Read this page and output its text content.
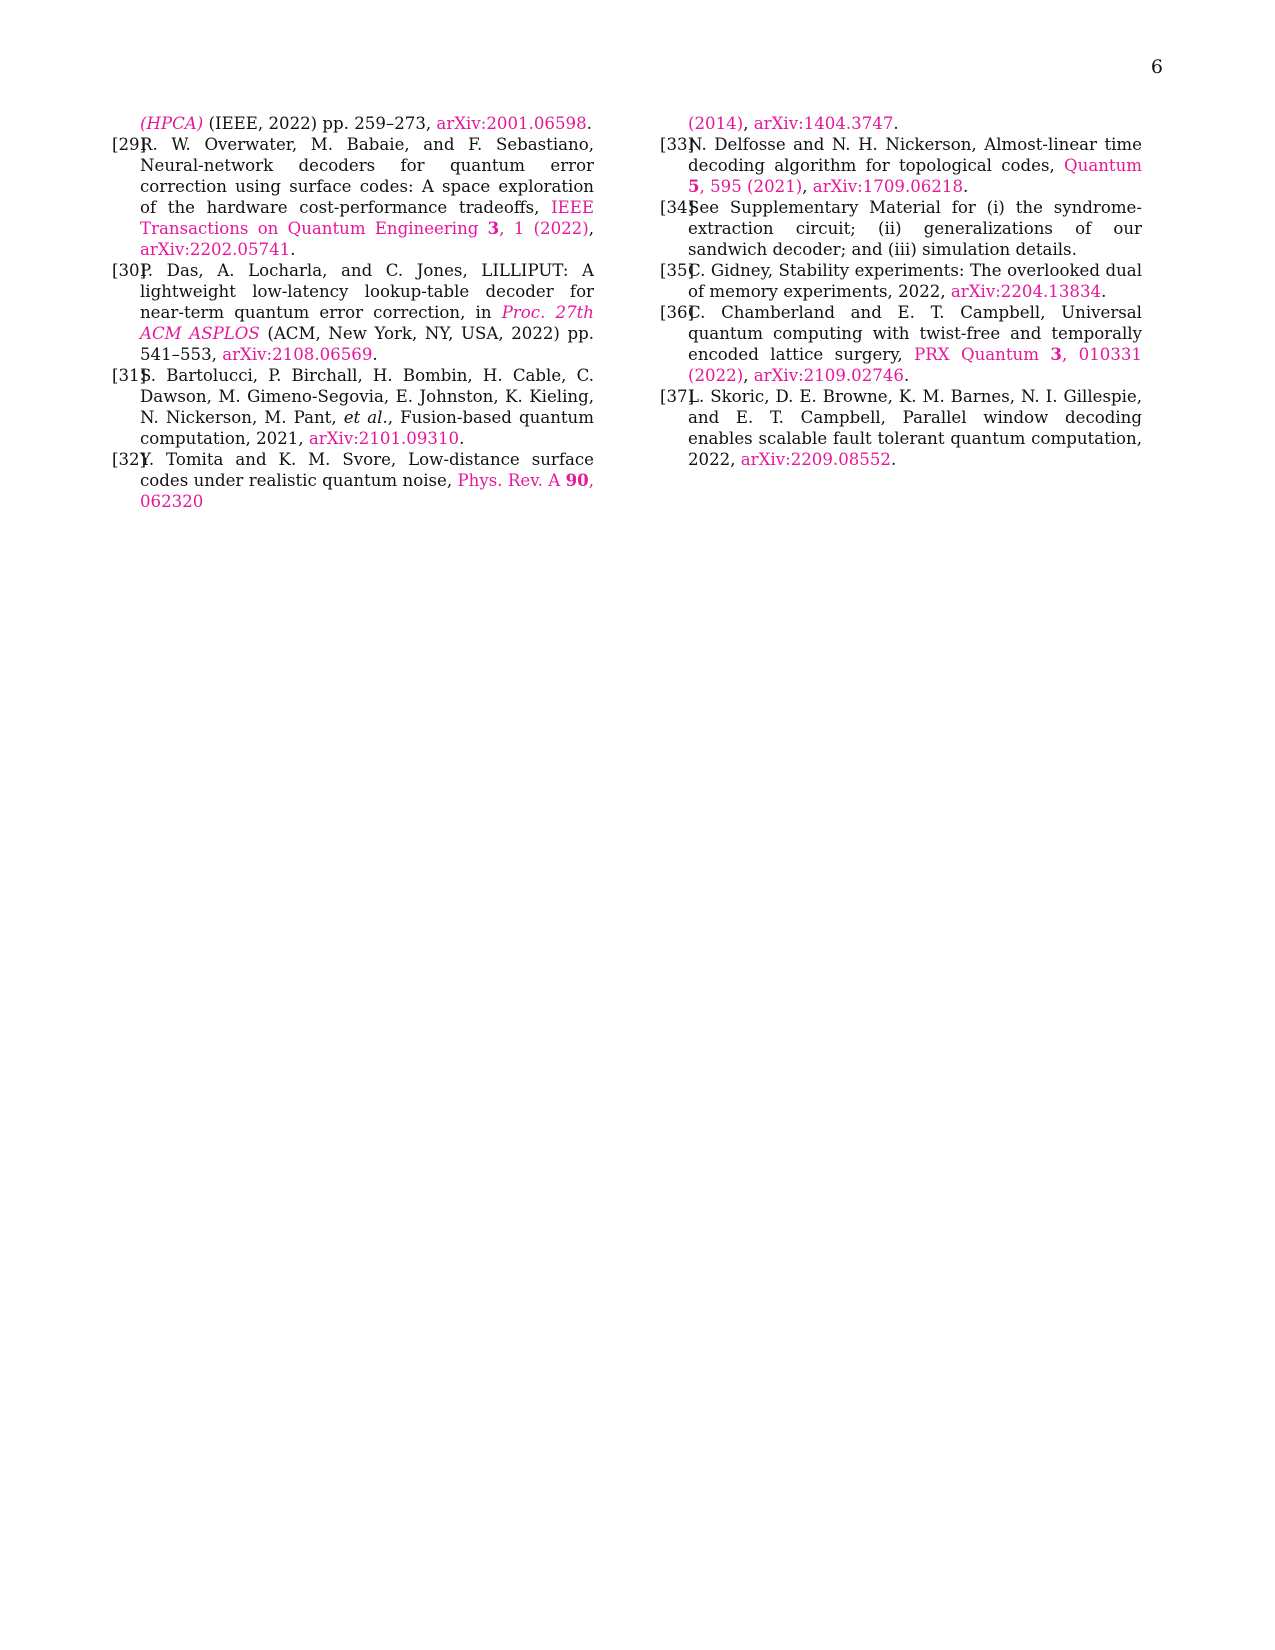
6
(HPCA) (IEEE, 2022) pp. 259–273, arXiv:2001.06598.
[29]
R. W. Overwater, M. Babaie, and F. Sebastiano, Neural-network decoders for quantum error correction using surface codes: A space exploration of the hardware cost-performance tradeoffs, IEEE Transactions on Quantum Engineering 3, 1 (2022), arXiv:2202.05741.
[30]
P. Das, A. Locharla, and C. Jones, LILLIPUT: A lightweight low-latency lookup-table decoder for near-term quantum error correction, in Proc. 27th ACM ASPLOS (ACM, New York, NY, USA, 2022) pp. 541–553, arXiv:2108.06569.
[31]
S. Bartolucci, P. Birchall, H. Bombin, H. Cable, C. Dawson, M. Gimeno-Segovia, E. Johnston, K. Kieling, N. Nickerson, M. Pant, et al., Fusion-based quantum computation, 2021, arXiv:2101.09310.
[32]
Y. Tomita and K. M. Svore, Low-distance surface codes under realistic quantum noise, Phys. Rev. A 90, 062320
(2014), arXiv:1404.3747.
[33]
N. Delfosse and N. H. Nickerson, Almost-linear time decoding algorithm for topological codes, Quantum 5, 595 (2021), arXiv:1709.06218.
[34]
See Supplementary Material for (i) the syndrome-extraction circuit; (ii) generalizations of our sandwich decoder; and (iii) simulation details.
[35]
C. Gidney, Stability experiments: The overlooked dual of memory experiments, 2022, arXiv:2204.13834.
[36]
C. Chamberland and E. T. Campbell, Universal quantum computing with twist-free and temporally encoded lattice surgery, PRX Quantum 3, 010331 (2022), arXiv:2109.02746.
[37]
L. Skoric, D. E. Browne, K. M. Barnes, N. I. Gillespie, and E. T. Campbell, Parallel window decoding enables scalable fault tolerant quantum computation, 2022, arXiv:2209.08552.
